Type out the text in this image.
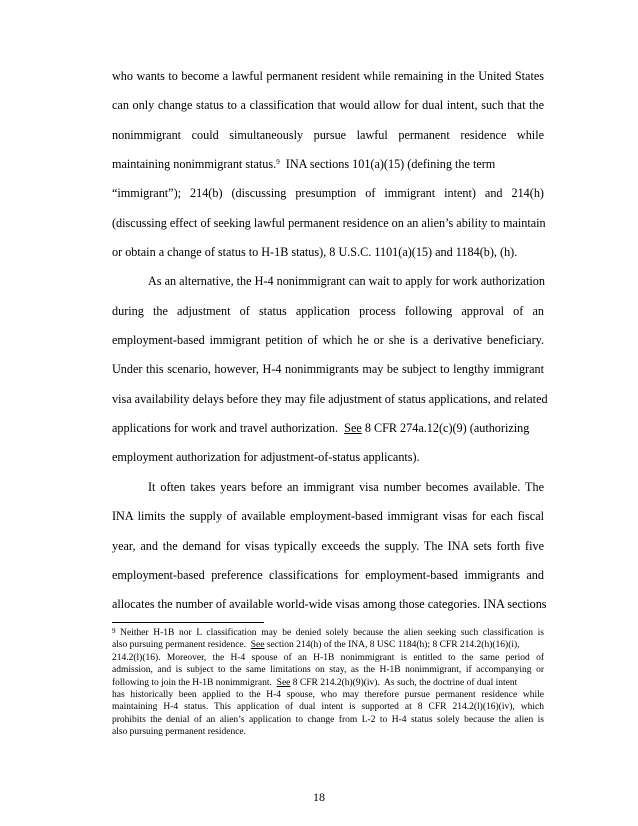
who wants to become a lawful permanent resident while remaining in the United States
can only change status to a classification that would allow for dual intent, such that the
nonimmigrant could simultaneously pursue lawful permanent residence while
maintaining nonimmigrant status.$^9$  INA sections 101(a)(15) (defining the term
“immigrant”); 214(b) (discussing presumption of immigrant intent) and 214(h)
(discussing effect of seeking lawful permanent residence on an alien’s ability to maintain
or obtain a change of status to H-1B status), 8 U.S.C. 1101(a)(15) and 1184(b), (h).
As an alternative, the H-4 nonimmigrant can wait to apply for work authorization
during the adjustment of status application process following approval of an
employment-based immigrant petition of which he or she is a derivative beneficiary.
Under this scenario, however, H-4 nonimmigrants may be subject to lengthy immigrant
visa availability delays before they may file adjustment of status applications, and related
applications for work and travel authorization.  See 8 CFR 274a.12(c)(9) (authorizing
employment authorization for adjustment-of-status applicants).
It often takes years before an immigrant visa number becomes available. The
INA limits the supply of available employment-based immigrant visas for each fiscal
year, and the demand for visas typically exceeds the supply. The INA sets forth five
employment-based preference classifications for employment-based immigrants and
allocates the number of available world-wide visas among those categories. INA sections
$^9$ Neither H-1B nor L classification may be denied solely because the alien seeking such classification is
also pursuing permanent residence.  See section 214(h) of the INA, 8 USC 1184(h); 8 CFR 214.2(h)(16)(i),
214.2(l)(16). Moreover, the H-4 spouse of an H-1B nonimmigrant is entitled to the same period of
admission, and is subject to the same limitations on stay, as the H-1B nonimmigrant, if accompanying or
following to join the H-1B nonimmigrant.  See 8 CFR 214.2(h)(9)(iv).  As such, the doctrine of dual intent
has historically been applied to the H-4 spouse, who may therefore pursue permanent residence while
maintaining H-4 status. This application of dual intent is supported at 8 CFR 214.2(l)(16)(iv), which
prohibits the denial of an alien’s application to change from L-2 to H-4 status solely because the alien is
also pursuing permanent residence.
18
